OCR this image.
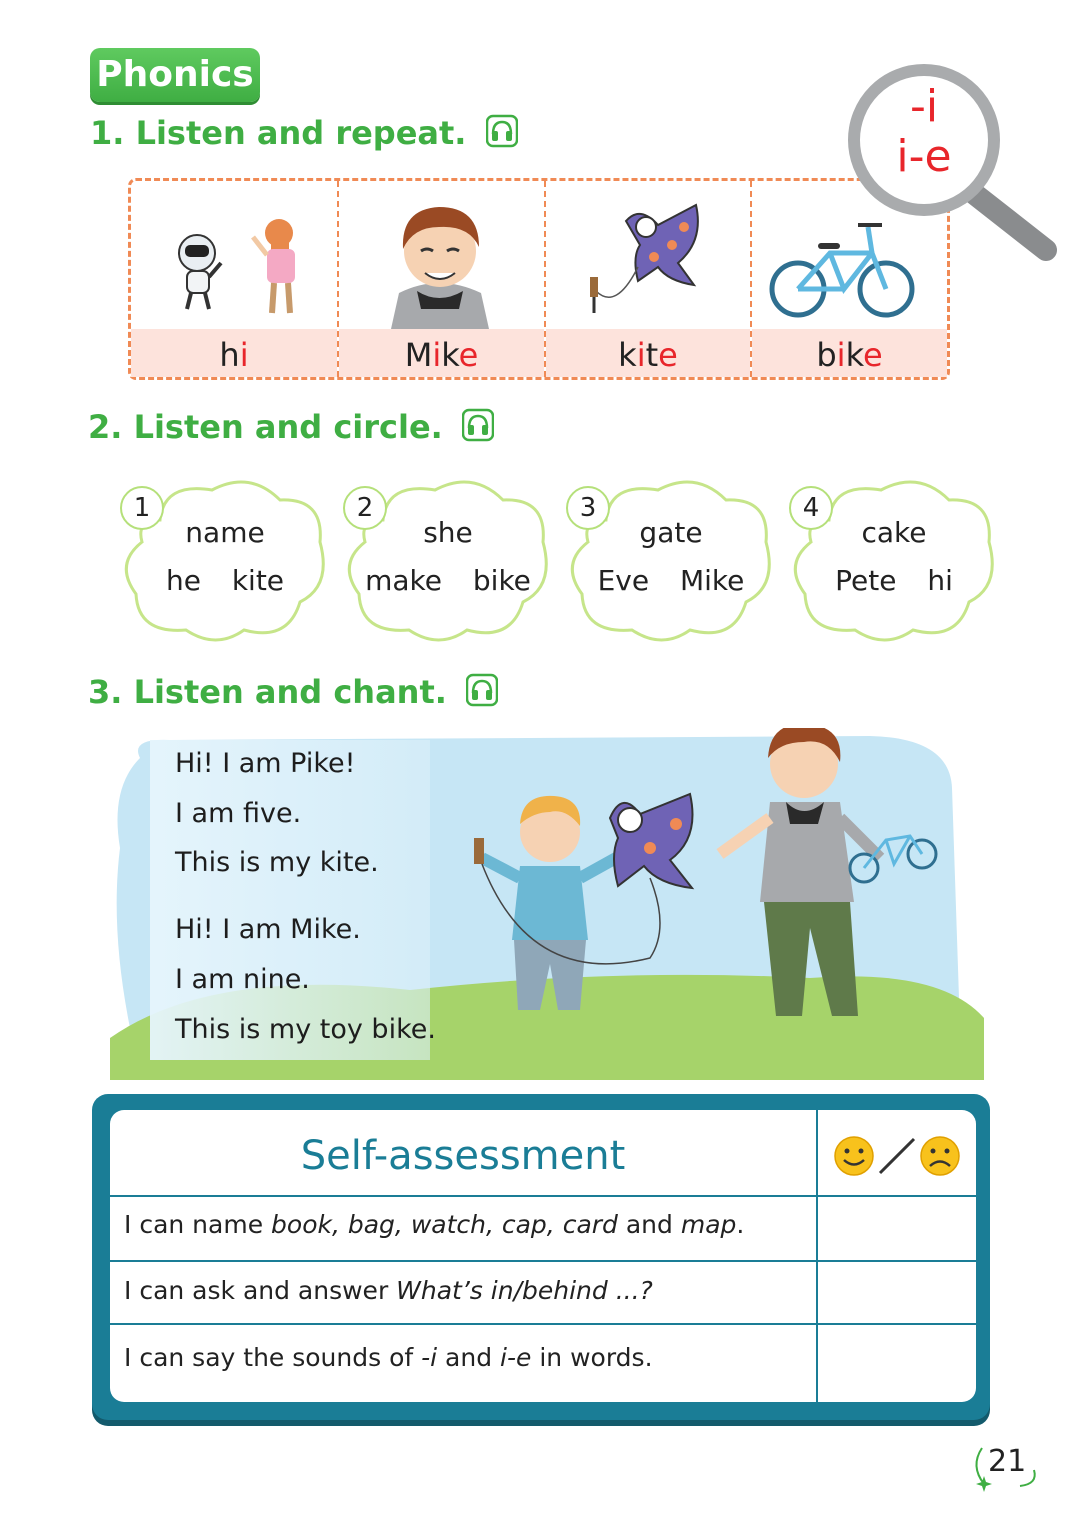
Phonics
1. Listen and repeat.
hi	Mike	kite	bike
-i
i-e
2. Listen and circle.
1
name
he kite
2
she
make bike
3
gate
Eve Mike
4
cake
Pete hi
3. Listen and chant.
Hi! I am Pike!
I am five.
This is my kite.
Hi! I am Mike.
I am nine.
This is my toy bike.
Self-assessment
I can name book, bag, watch, cap, card and map.
I can ask and answer What’s in/behind ...?
I can say the sounds of -i and i-e in words.
21
